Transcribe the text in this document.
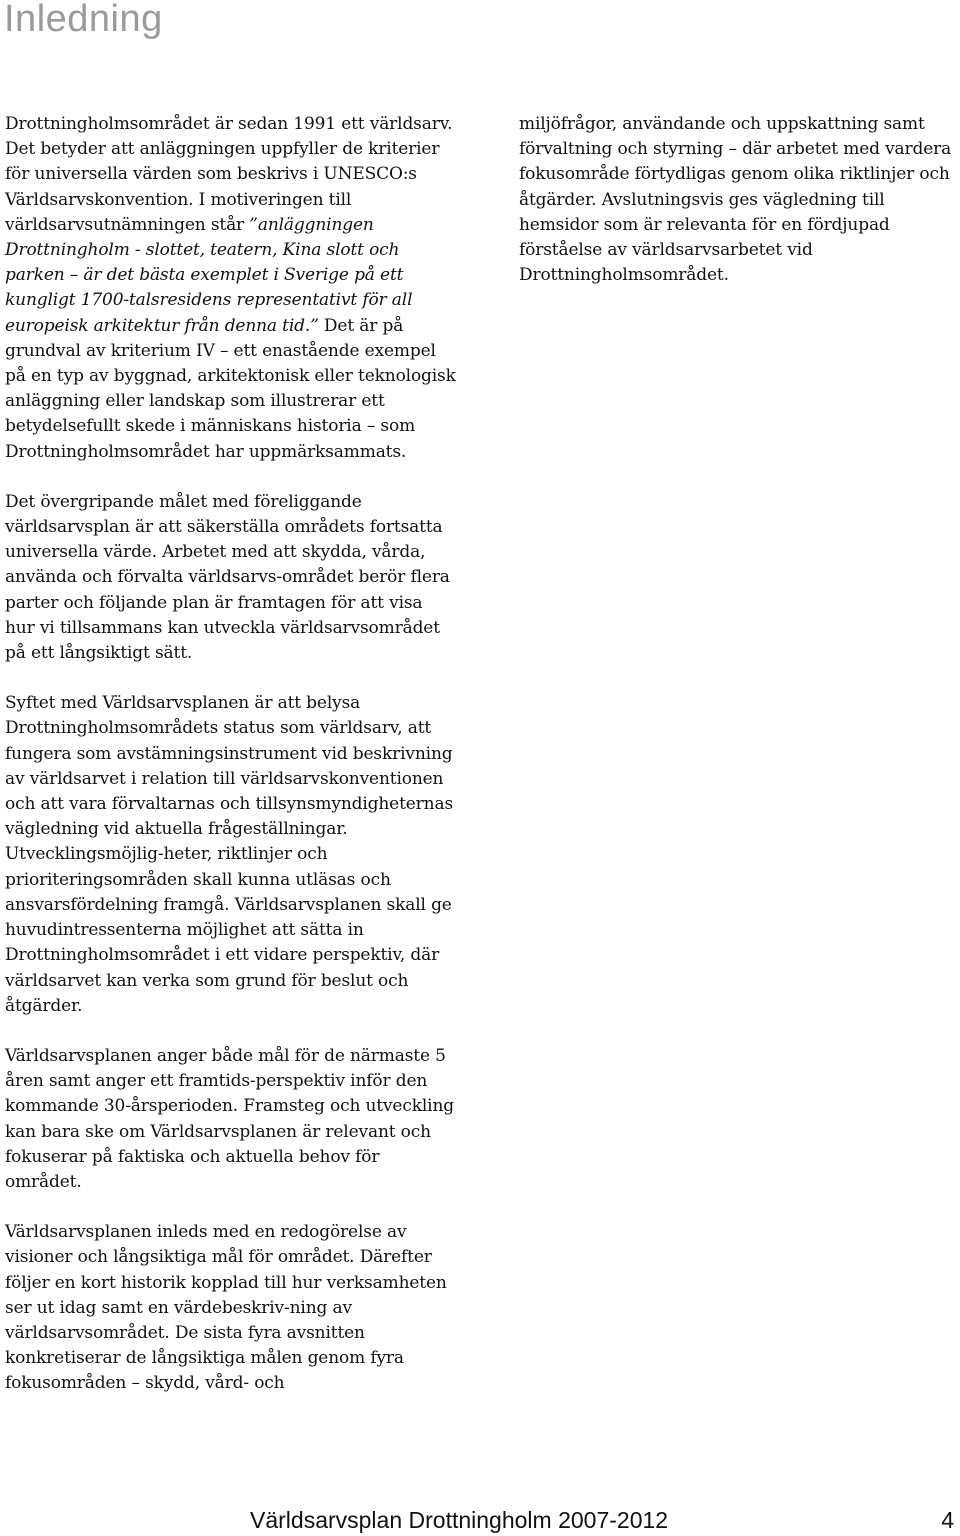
Inledning

Drottningholmsområdet är sedan 1991 ett världsarv. Det betyder att anläggningen uppfyller de kriterier för universella värden som beskrivs i UNESCO:s Världsarvskonvention. I motiveringen till världsarvsutnämningen står ”anläggningen Drottningholm - slottet, teatern, Kina slott och parken – är det bästa exemplet i Sverige på ett kungligt 1700-talsresidens representativt för all europeisk arkitektur från denna tid.” Det är på grundval av kriterium IV – ett enastående exempel på en typ av byggnad, arkitektonisk eller teknologisk anläggning eller landskap som illustrerar ett betydelsefullt skede i människans historia – som Drottningholmsområdet har uppmärksammats.

Det övergripande målet med föreliggande världsarvsplan är att säkerställa områdets fortsatta universella värde. Arbetet med att skydda, vårda, använda och förvalta världsarvs-området berör flera parter och följande plan är framtagen för att visa hur vi tillsammans kan utveckla världsarvsområdet på ett långsiktigt sätt.

Syftet med Världsarvsplanen är att belysa Drottningholmsområdets status som världsarv, att fungera som avstämningsinstrument vid beskrivning av världsarvet i relation till världsarvskonventionen och att vara förvaltarnas och tillsynsmyndigheternas vägledning vid aktuella frågeställningar. Utvecklingsmöjlig-heter, riktlinjer och prioriteringsområden skall kunna utläsas och ansvarsfördelning framgå. Världsarvsplanen skall ge huvudintressenterna möjlighet att sätta in Drottningholmsområdet i ett vidare perspektiv, där världsarvet kan verka som grund för beslut och åtgärder.

Världsarvsplanen anger både mål för de närmaste 5 åren samt anger ett framtids-perspektiv inför den kommande 30-årsperioden. Framsteg och utveckling kan bara ske om Världsarvsplanen är relevant och fokuserar på faktiska och aktuella behov för området.

Världsarvsplanen inleds med en redogörelse av visioner och långsiktiga mål för området. Därefter följer en kort historik kopplad till hur verksamheten ser ut idag samt en värdebeskriv-ning av världsarvsområdet. De sista fyra avsnitten konkretiserar de långsiktiga målen genom fyra fokusområden – skydd, vård- och

miljöfrågor, användande och uppskattning samt förvaltning och styrning – där arbetet med vardera fokusområde förtydligas genom olika riktlinjer och åtgärder. Avslutningsvis ges vägledning till hemsidor som är relevanta för en fördjupad förståelse av världsarvsarbetet vid Drottningholmsområdet.

Världsarvsplan Drottningholm 2007-2012	4
